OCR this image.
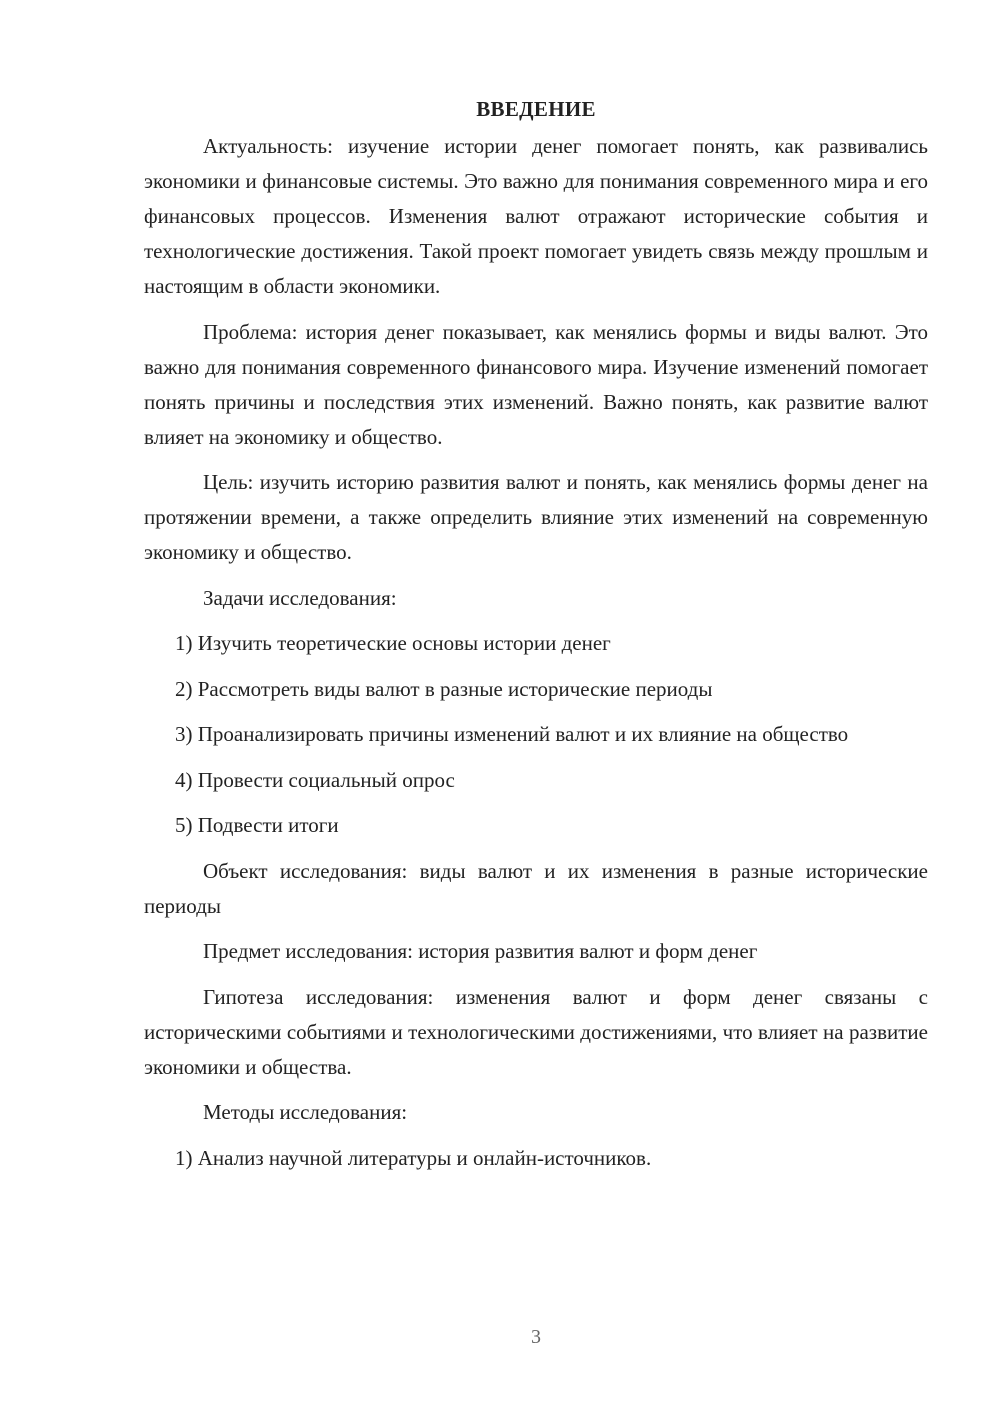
ВВЕДЕНИЕ

Актуальность: изучение истории денег помогает понять, как развивались экономики и финансовые системы. Это важно для понимания современного мира и его финансовых процессов. Изменения валют отражают исторические события и технологические достижения. Такой проект помогает увидеть связь между прошлым и настоящим в области экономики.

Проблема: история денег показывает, как менялись формы и виды валют. Это важно для понимания современного финансового мира. Изучение изменений помогает понять причины и последствия этих изменений. Важно понять, как развитие валют влияет на экономику и общество.

Цель: изучить историю развития валют и понять, как менялись формы денег на протяжении времени, а также определить влияние этих изменений на современную экономику и общество.

Задачи исследования:

1) Изучить теоретические основы истории денег

2) Рассмотреть виды валют в разные исторические периоды

3) Проанализировать причины изменений валют и их влияние на общество

4) Провести социальный опрос

5) Подвести итоги

Объект исследования: виды валют и их изменения в разные исторические периоды

Предмет исследования: история развития валют и форм денег

Гипотеза исследования: изменения валют и форм денег связаны с историческими событиями и технологическими достижениями, что влияет на развитие экономики и общества.

Методы исследования:

1) Анализ научной литературы и онлайн-источников.

3
